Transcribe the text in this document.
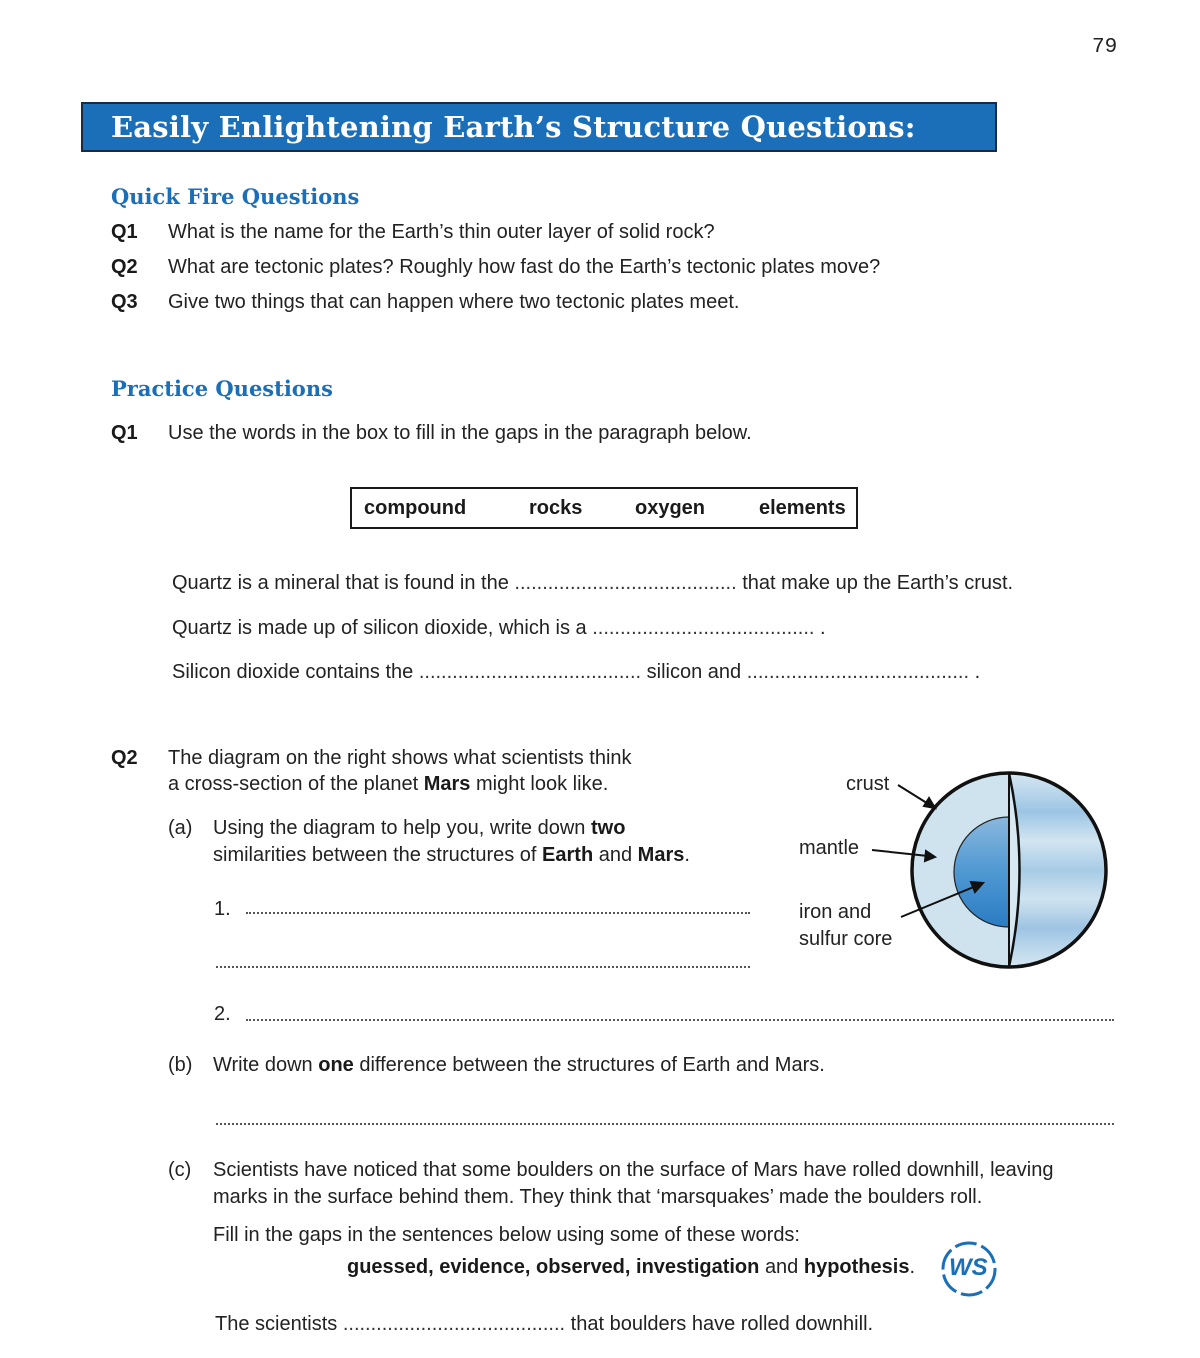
79
Easily Enlightening Earth’s Structure Questions:
Quick Fire Questions
Q1 What is the name for the Earth’s thin outer layer of solid rock?
Q2 What are tectonic plates? Roughly how fast do the Earth’s tectonic plates move?
Q3 Give two things that can happen where two tectonic plates meet.
Practice Questions
Q1 Use the words in the box to fill in the gaps in the paragraph below.
compound	rocks	oxygen	elements
Quartz is a mineral that is found in the ........................................ that make up the Earth’s crust.
Quartz is made up of silicon dioxide, which is a ........................................ .
Silicon dioxide contains the ........................................ silicon and ........................................ .
Q2 The diagram on the right shows what scientists think
a cross-section of the planet Mars might look like.
(a) Using the diagram to help you, write down two
similarities between the structures of Earth and Mars.
1.
2.
crust
mantle
iron and
sulfur core
(b) Write down one difference between the structures of Earth and Mars.
(c) Scientists have noticed that some boulders on the surface of Mars have rolled downhill, leaving
marks in the surface behind them. They think that ‘marsquakes’ made the boulders roll.
Fill in the gaps in the sentences below using some of these words:
guessed, evidence, observed, investigation and hypothesis. WS
The scientists ........................................ that boulders have rolled downhill.
